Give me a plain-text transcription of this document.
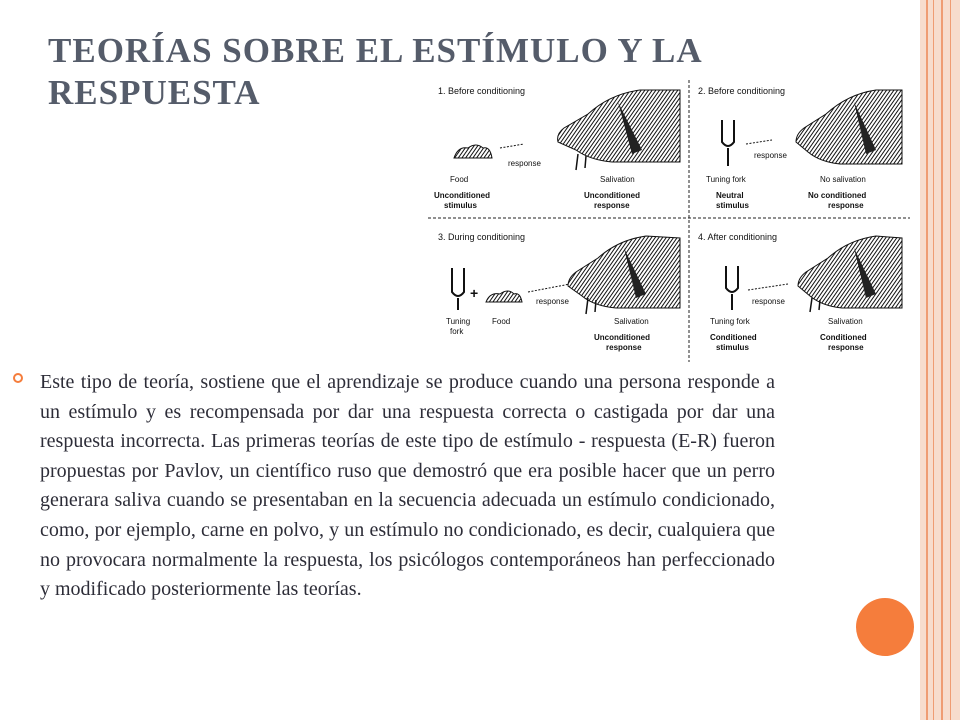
TEORÍAS SOBRE EL ESTÍMULO Y LA RESPUESTA	1. Before conditioning
response
Food	Salivation
Unconditioned
stimulus
Unconditioned
response
2. Before conditioning
response
Tuning fork	No salivation
Neutral
stimulus
No conditioned
response
3. During conditioning
+
response
Tuning
fork
Food	Salivation
Unconditioned
response
4. After conditioning
response
Tuning fork	Salivation
Conditioned
stimulus
Conditioned
response

Este tipo de teoría, sostiene que el aprendizaje se produce cuando una persona responde a un estímulo y es recompensada por dar una respuesta correcta o castigada por dar una respuesta incorrecta. Las primeras teorías de este tipo de estímulo - respuesta (E-R) fueron propuestas por Pavlov, un científico ruso que demostró que era posible hacer que un perro generara saliva cuando se presentaban en la secuencia adecuada un estímulo condicionado, como, por ejemplo, carne en polvo, y un estímulo no condicionado, es decir, cualquiera que no provocara normalmente la respuesta, los psicólogos contemporáneos han perfeccionado y modificado posteriormente las teorías.
